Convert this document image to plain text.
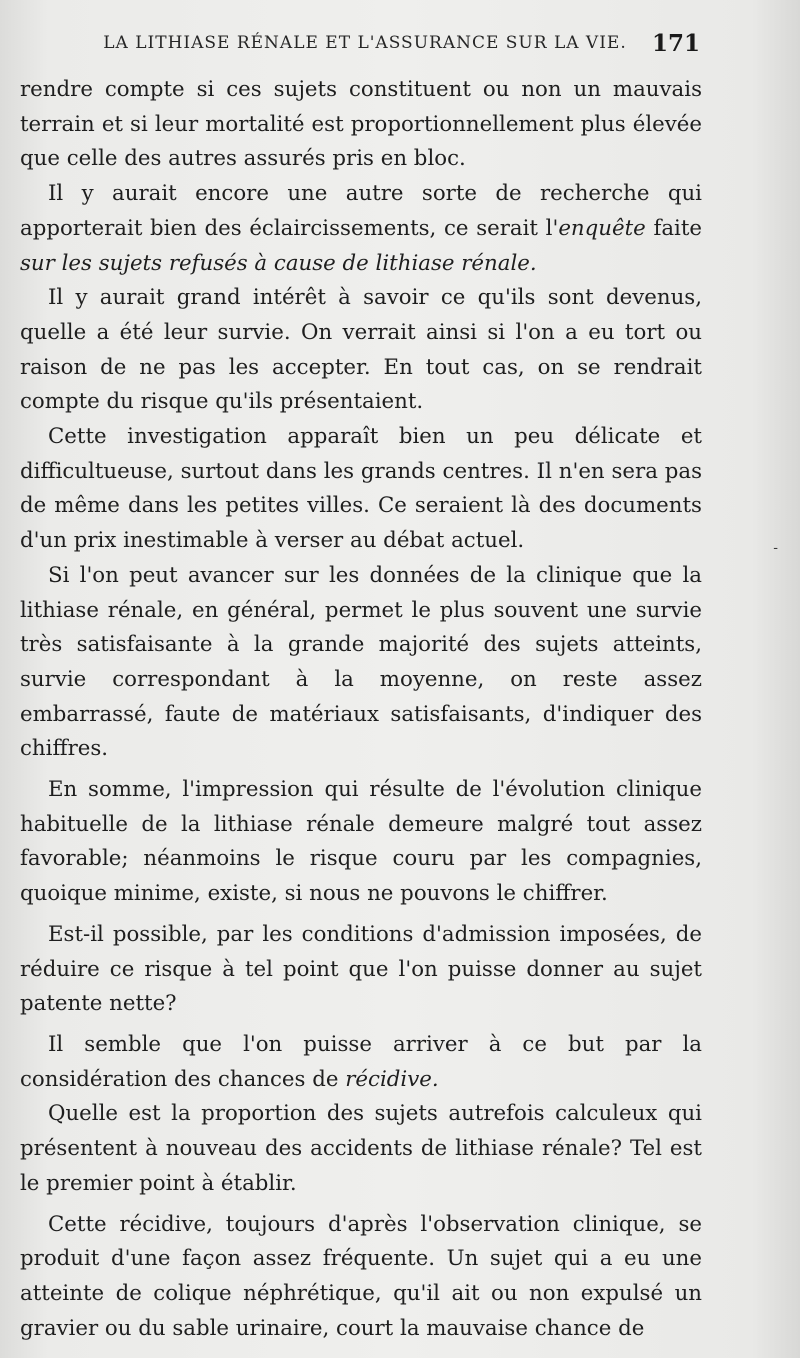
LA LITHIASE RÉNALE ET L'ASSURANCE SUR LA VIE.	171

rendre compte si ces sujets constituent ou non un mauvais terrain et si leur mortalité est proportionnellement plus élevée que celle des autres assurés pris en bloc.

Il y aurait encore une autre sorte de recherche qui apporterait bien des éclaircissements, ce serait l'enquête faite sur les sujets refusés à cause de lithiase rénale.

Il y aurait grand intérêt à savoir ce qu'ils sont devenus, quelle a été leur survie. On verrait ainsi si l'on a eu tort ou raison de ne pas les accepter. En tout cas, on se rendrait compte du risque qu'ils présentaient.

Cette investigation apparaît bien un peu délicate et difficultueuse, surtout dans les grands centres. Il n'en sera pas de même dans les petites villes. Ce seraient là des documents d'un prix inestimable à verser au débat actuel.

Si l'on peut avancer sur les données de la clinique que la lithiase rénale, en général, permet le plus souvent une survie très satisfaisante à la grande majorité des sujets atteints, survie correspondant à la moyenne, on reste assez embarrassé, faute de matériaux satisfaisants, d'indiquer des chiffres.

En somme, l'impression qui résulte de l'évolution clinique habituelle de la lithiase rénale demeure malgré tout assez favorable; néanmoins le risque couru par les compagnies, quoique minime, existe, si nous ne pouvons le chiffrer.

Est-il possible, par les conditions d'admission imposées, de réduire ce risque à tel point que l'on puisse donner au sujet patente nette?

Il semble que l'on puisse arriver à ce but par la considération des chances de récidive.

Quelle est la proportion des sujets autrefois calculeux qui présentent à nouveau des accidents de lithiase rénale? Tel est le premier point à établir.

Cette récidive, toujours d'après l'observation clinique, se produit d'une façon assez fréquente. Un sujet qui a eu une atteinte de colique néphrétique, qu'il ait ou non expulsé un gravier ou du sable urinaire, court la mauvaise chance de

-
